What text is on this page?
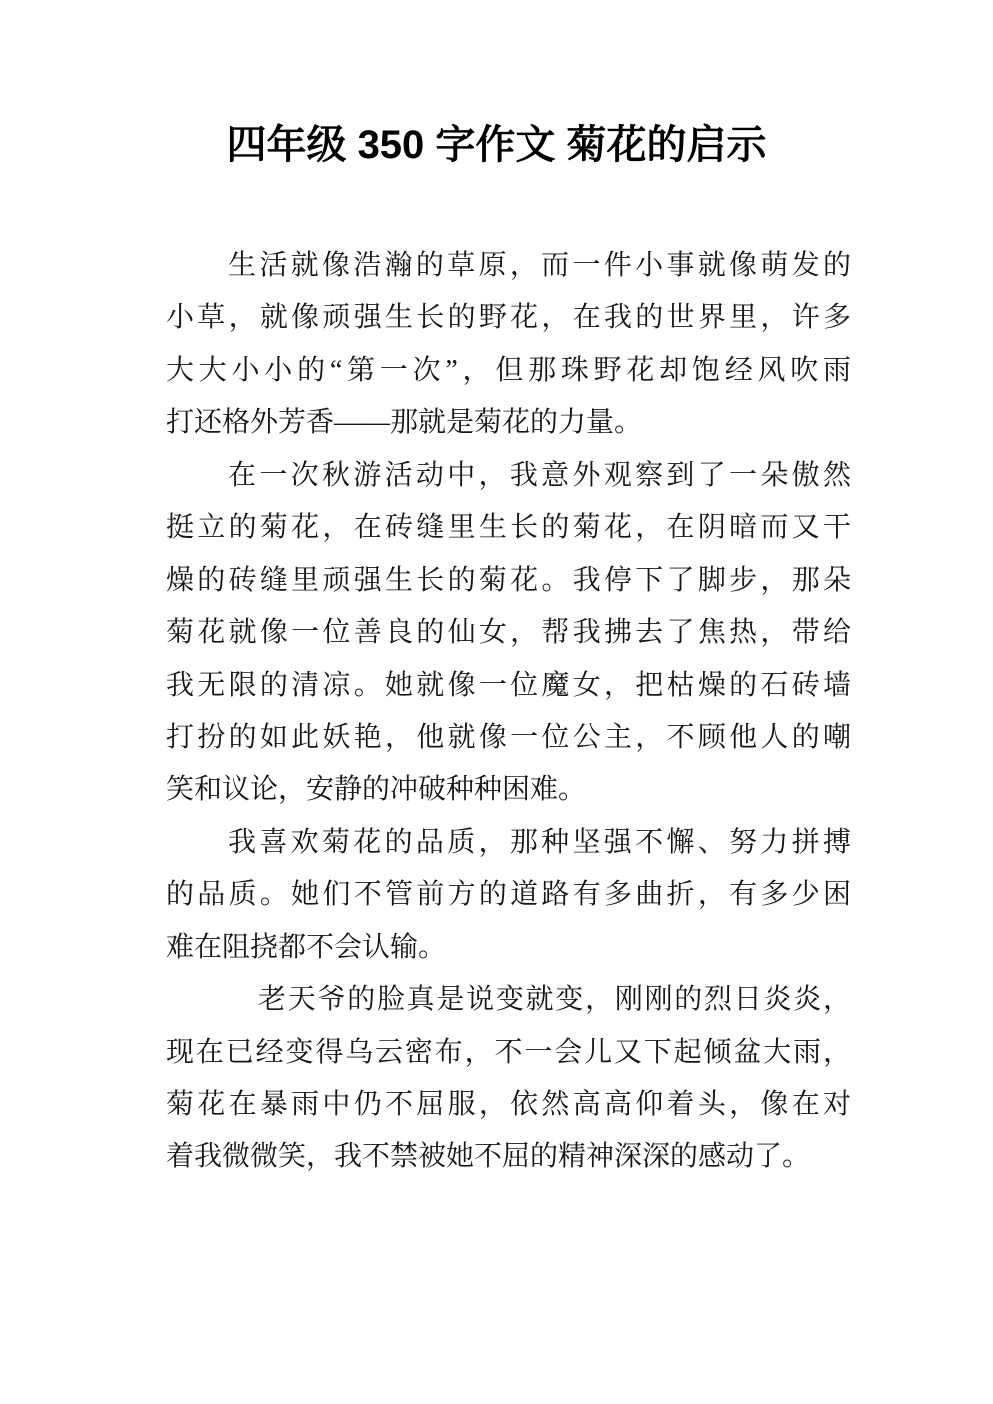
四年级 350 字作文 菊花的启示
生活就像浩瀚的草原，而一件小事就像萌发的
小草，就像顽强生长的野花，在我的世界里，许多
大大小小的“第一次”，但那珠野花却饱经风吹雨
打还格外芳香——那就是菊花的力量。
在一次秋游活动中，我意外观察到了一朵傲然
挺立的菊花，在砖缝里生长的菊花，在阴暗而又干
燥的砖缝里顽强生长的菊花。我停下了脚步，那朵
菊花就像一位善良的仙女，帮我拂去了焦热，带给
我无限的清凉。她就像一位魔女，把枯燥的石砖墙
打扮的如此妖艳，他就像一位公主，不顾他人的嘲
笑和议论，安静的冲破种种困难。
我喜欢菊花的品质，那种坚强不懈、努力拼搏
的品质。她们不管前方的道路有多曲折，有多少困
难在阻挠都不会认输。
老天爷的脸真是说变就变，刚刚的烈日炎炎，
现在已经变得乌云密布，不一会儿又下起倾盆大雨，
菊花在暴雨中仍不屈服，依然高高仰着头，像在对
着我微微笑，我不禁被她不屈的精神深深的感动了。
